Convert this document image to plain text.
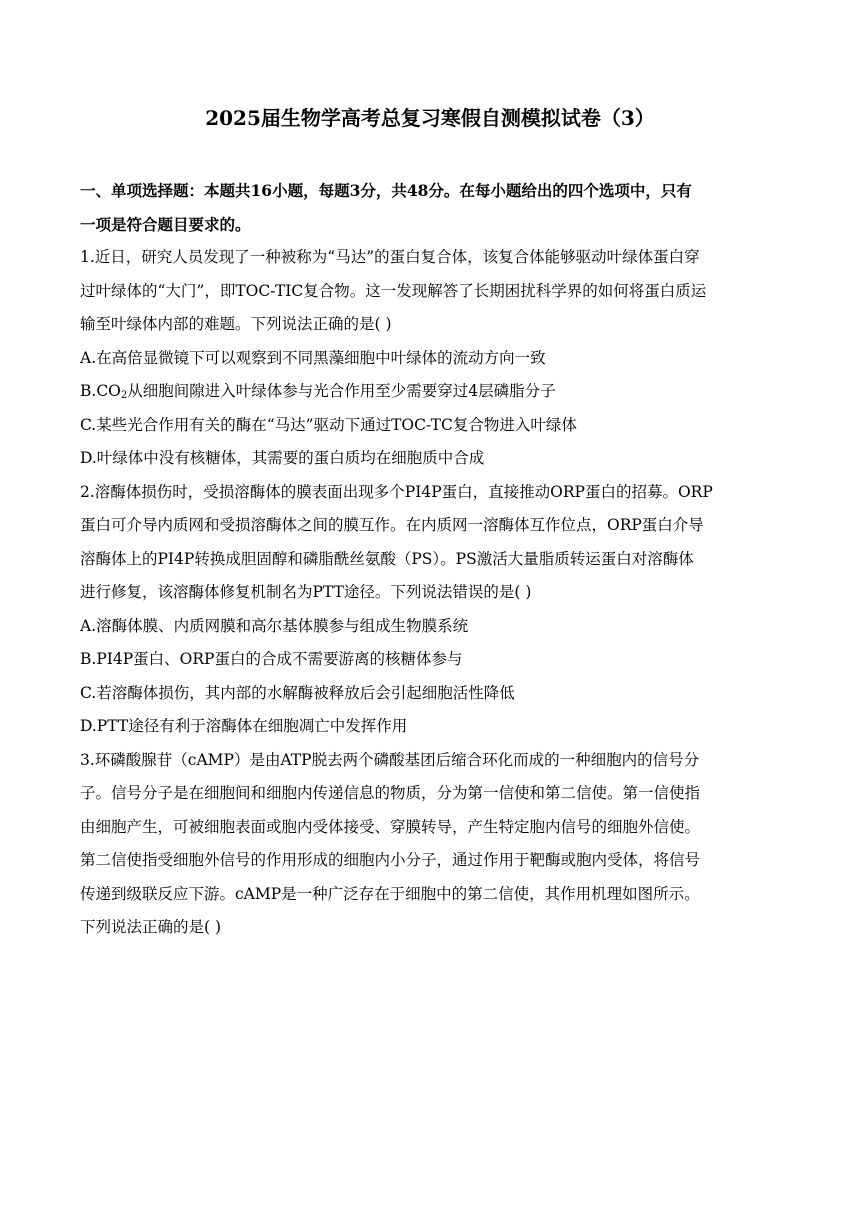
2025届生物学高考总复习寒假自测模拟试卷（3）
一、单项选择题：本题共16小题，每题3分，共48分。在每小题给出的四个选项中，只有
一项是符合题目要求的。
1.近日，研究人员发现了一种被称为“马达”的蛋白复合体，该复合体能够驱动叶绿体蛋白穿
过叶绿体的“大门”，即TOC-TIC复合物。这一发现解答了长期困扰科学界的如何将蛋白质运
输至叶绿体内部的难题。下列说法正确的是( )
A.在高倍显微镜下可以观察到不同黑藻细胞中叶绿体的流动方向一致
$B.CO_2$从细胞间隙进入叶绿体参与光合作用至少需要穿过4层磷脂分子
C.某些光合作用有关的酶在“马达”驱动下通过TOC-TC复合物进入叶绿体
D.叶绿体中没有核糖体，其需要的蛋白质均在细胞质中合成
2.溶酶体损伤时，受损溶酶体的膜表面出现多个PI4P蛋白，直接推动ORP蛋白的招募。ORP
蛋白可介导内质网和受损溶酶体之间的膜互作。在内质网一溶酶体互作位点，ORP蛋白介导
溶酶体上的PI4P转换成胆固醇和磷脂酰丝氨酸（PS）。PS激活大量脂质转运蛋白对溶酶体
进行修复，该溶酶体修复机制名为PTT途径。下列说法错误的是( )
A.溶酶体膜、内质网膜和高尔基体膜参与组成生物膜系统
B.PI4P蛋白、ORP蛋白的合成不需要游离的核糖体参与
C.若溶酶体损伤，其内部的水解酶被释放后会引起细胞活性降低
D.PTT途径有利于溶酶体在细胞凋亡中发挥作用
3.环磷酸腺苷（cAMP）是由ATP脱去两个磷酸基团后缩合环化而成的一种细胞内的信号分
子。信号分子是在细胞间和细胞内传递信息的物质，分为第一信使和第二信使。第一信使指
由细胞产生，可被细胞表面或胞内受体接受、穿膜转导，产生特定胞内信号的细胞外信使。
第二信使指受细胞外信号的作用形成的细胞内小分子，通过作用于靶酶或胞内受体，将信号
传递到级联反应下游。cAMP是一种广泛存在于细胞中的第二信使，其作用机理如图所示。
下列说法正确的是( )
